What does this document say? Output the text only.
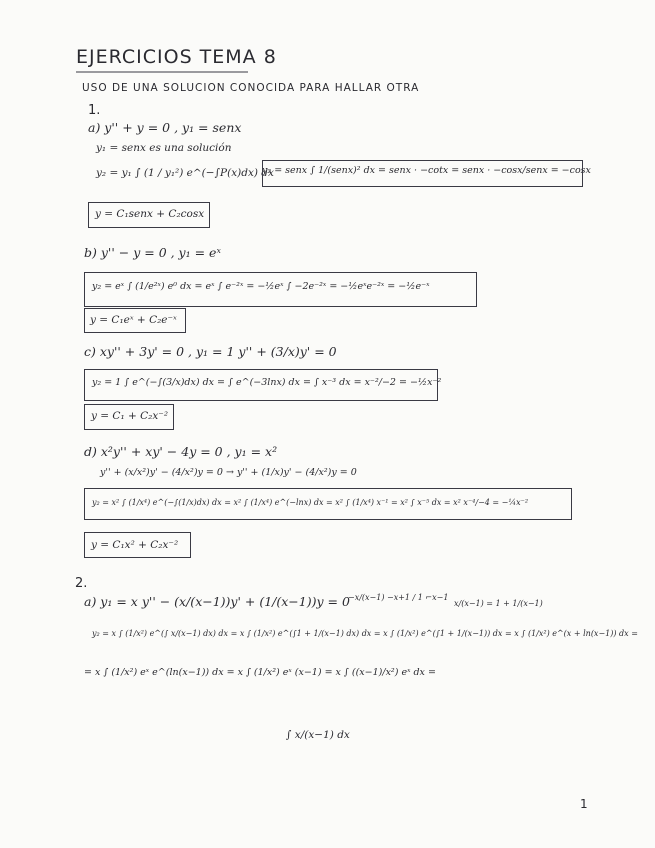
EJERCICIOS TEMA 8
USO DE UNA SOLUCION CONOCIDA PARA HALLAR OTRA
1.
a) y'' + y = 0 , y₁ = senx
y₁ = senx es una solución
y₂ = y₁ ∫ (1 / y₁²) e^(−∫P(x)dx) dx
y₂ = senx ∫ 1/(senx)² dx = senx · −cotx = senx · −cosx/senx = −cosx
y = C₁senx + C₂cosx
b) y'' − y = 0 , y₁ = eˣ
y₂ = eˣ ∫ (1/e²ˣ) e⁰ dx = eˣ ∫ e⁻²ˣ = −½eˣ ∫ −2e⁻²ˣ = −½eˣe⁻²ˣ = −½e⁻ˣ
y = C₁eˣ + C₂e⁻ˣ
c) xy'' + 3y' = 0 , y₁ = 1 y'' + (3/x)y' = 0
y₂ = 1 ∫ e^(−∫(3/x)dx) dx = ∫ e^(−3lnx) dx = ∫ x⁻³ dx = x⁻²/−2 = −½x⁻²
y = C₁ + C₂x⁻²
d) x²y'' + xy' − 4y = 0 , y₁ = x²
y'' + (x/x²)y' − (4/x²)y = 0 → y'' + (1/x)y' − (4/x²)y = 0
y₂ = x² ∫ (1/x⁴) e^(−∫(1/x)dx) dx = x² ∫ (1/x⁴) e^(−lnx) dx = x² ∫ (1/x⁴) x⁻¹ = x² ∫ x⁻⁵ dx = x² x⁻⁴/−4 = −¼x⁻²
y = C₁x² + C₂x⁻²
2.
a) y₁ = x y'' − (x/(x−1))y' + (1/(x−1))y = 0
−x/(x−1) −x+1 / 1 ⌐x−1
x/(x−1) = 1 + 1/(x−1)
y₂ = x ∫ (1/x²) e^(∫ x/(x−1) dx) dx = x ∫ (1/x²) e^(∫1 + 1/(x−1) dx) dx = x ∫ (1/x²) e^(∫1 + 1/(x−1)) dx = x ∫ (1/x²) e^(x + ln(x−1)) dx =
= x ∫ (1/x²) eˣ e^(ln(x−1)) dx = x ∫ (1/x²) eˣ (x−1) = x ∫ ((x−1)/x²) eˣ dx =
∫ x/(x−1) dx
1
